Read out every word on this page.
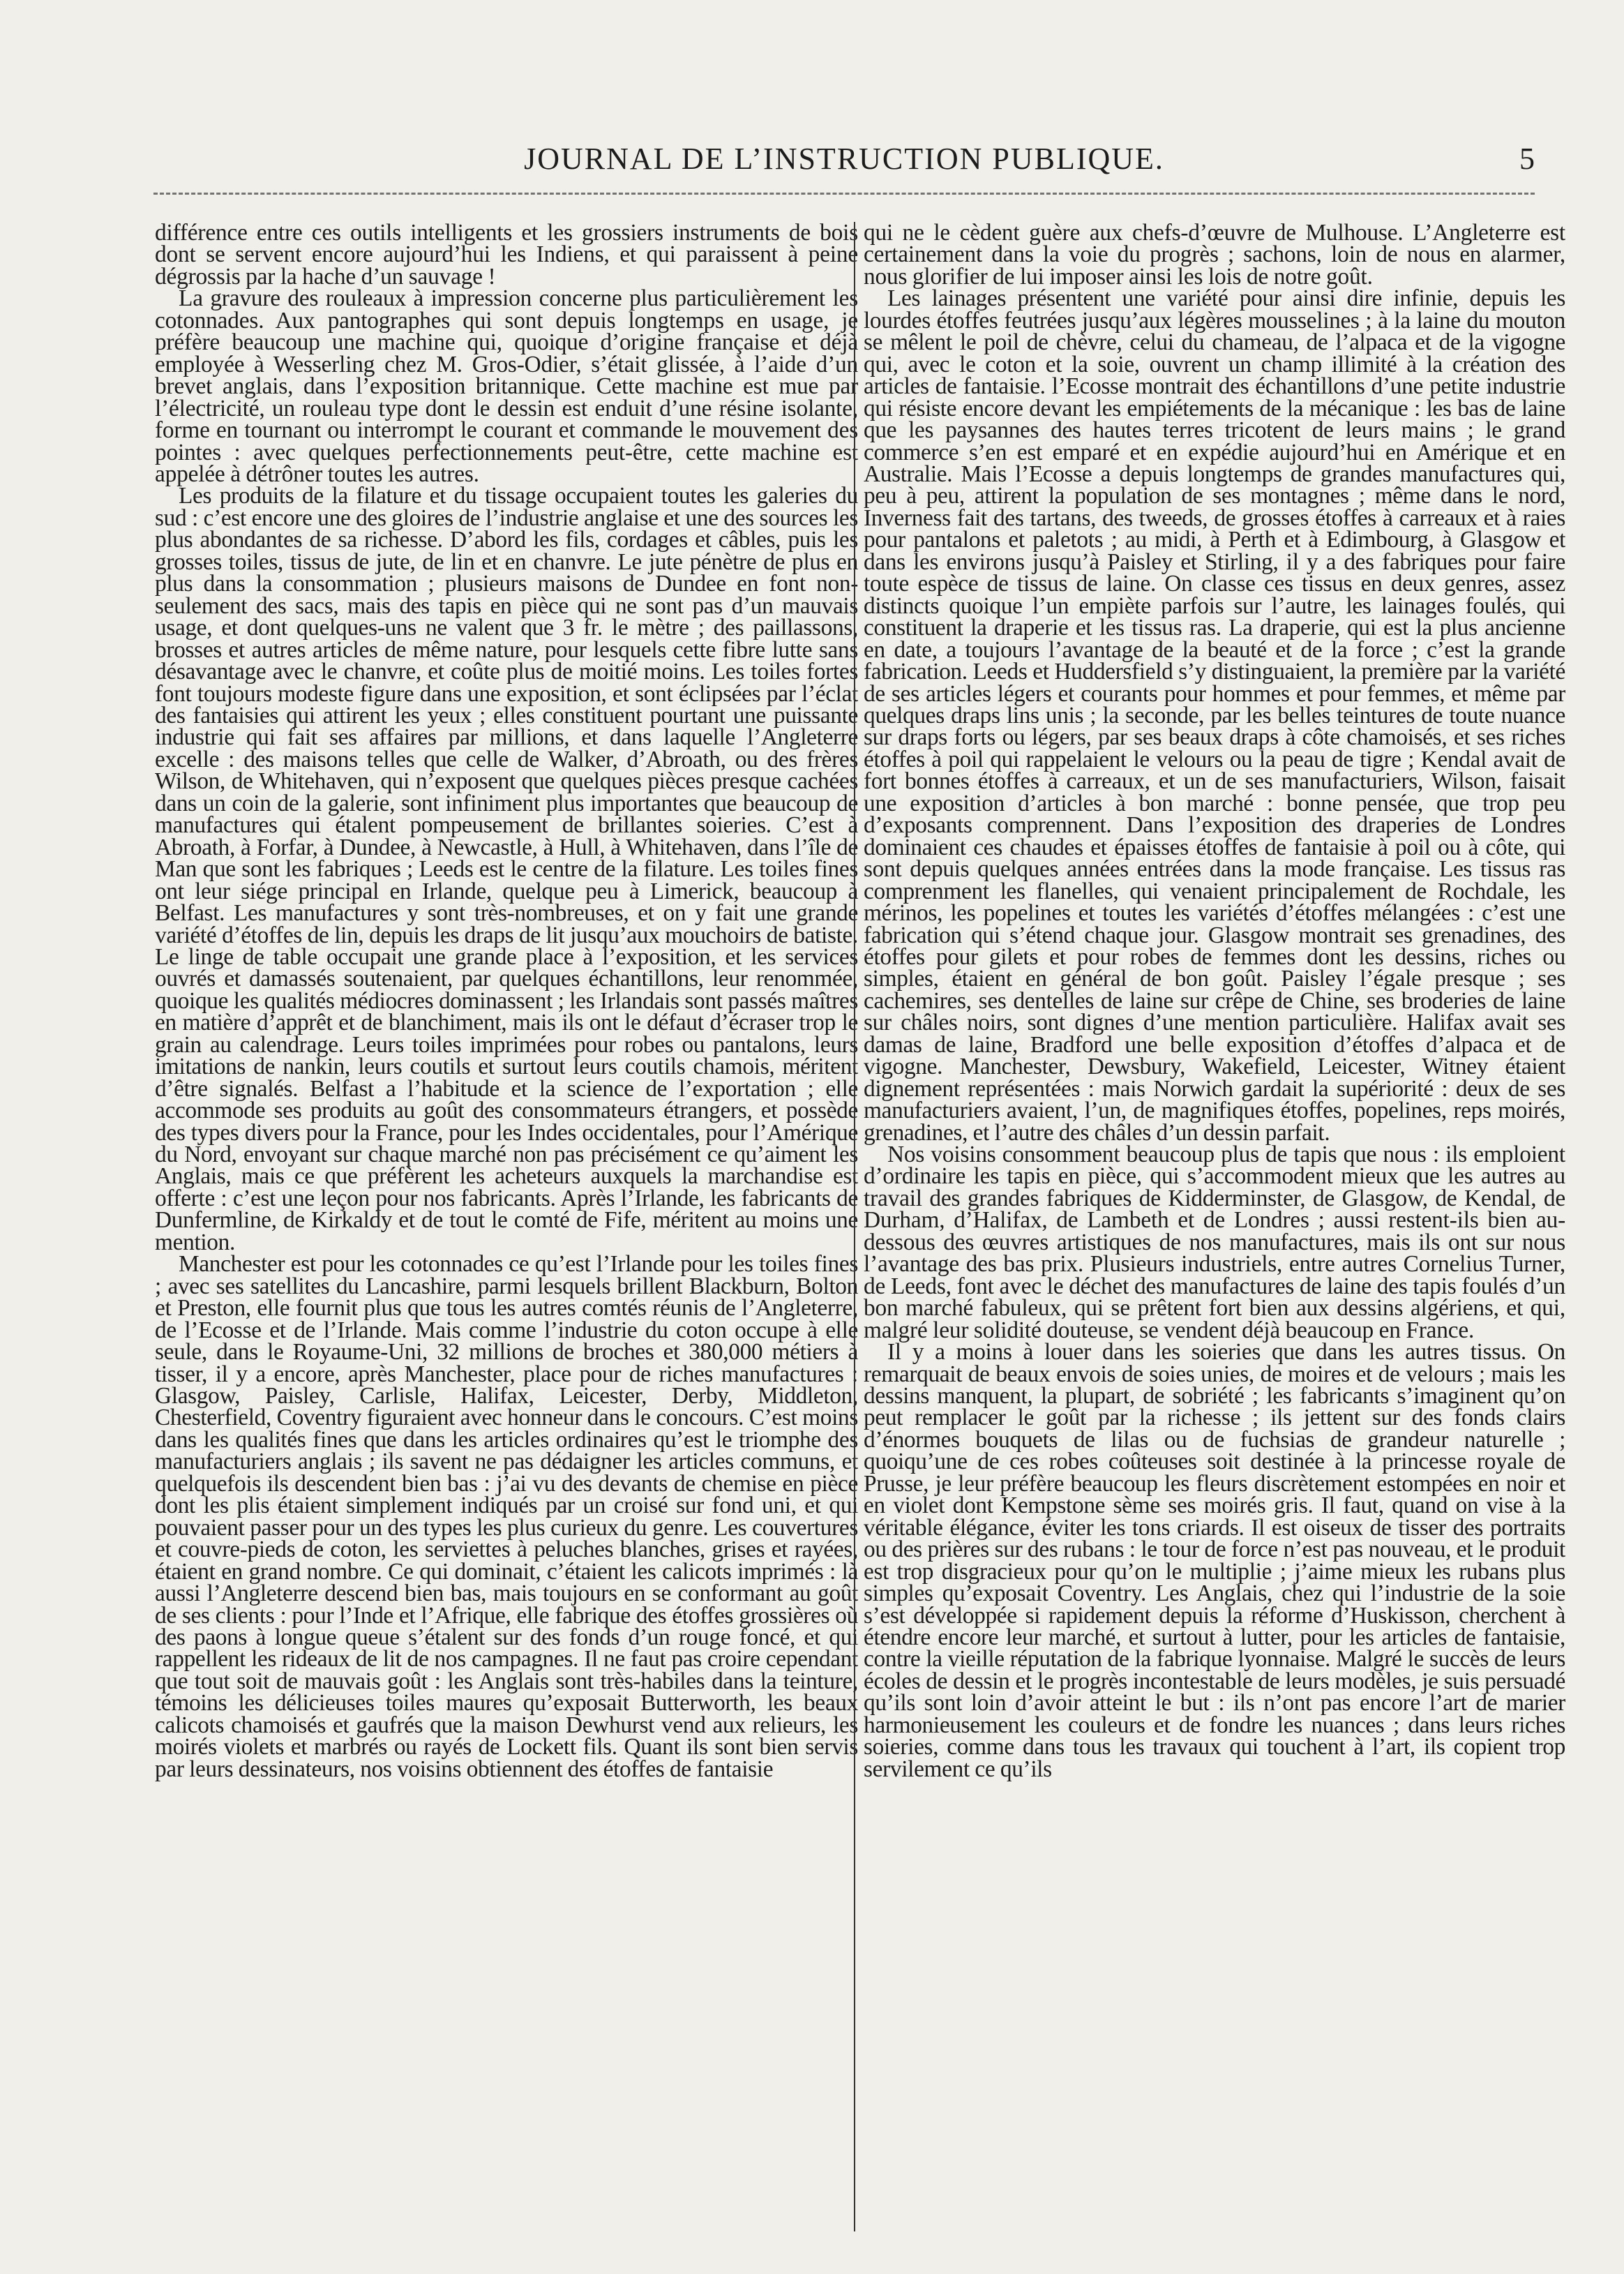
JOURNAL DE L’INSTRUCTION PUBLIQUE.	5

différence entre ces outils intelligents et les grossiers instruments de bois dont se servent encore aujourd’hui les Indiens, et qui paraissent à peine dégrossis par la hache d’un sauvage !

La gravure des rouleaux à impression concerne plus particulièrement les cotonnades. Aux pantographes qui sont depuis longtemps en usage, je préfère beaucoup une machine qui, quoique d’origine française et déjà employée à Wesserling chez M. Gros-Odier, s’était glissée, à l’aide d’un brevet anglais, dans l’exposition britannique. Cette machine est mue par l’électricité, un rouleau type dont le dessin est enduit d’une résine isolante, forme en tournant ou interrompt le courant et commande le mouvement des pointes : avec quelques perfectionnements peut-être, cette machine est appelée à détrôner toutes les autres.

Les produits de la filature et du tissage occupaient toutes les galeries du sud : c’est encore une des gloires de l’industrie anglaise et une des sources les plus abondantes de sa richesse. D’abord les fils, cordages et câbles, puis les grosses toiles, tissus de jute, de lin et en chanvre. Le jute pénètre de plus en plus dans la consommation ; plusieurs maisons de Dundee en font non-seulement des sacs, mais des tapis en pièce qui ne sont pas d’un mauvais usage, et dont quelques-uns ne valent que 3 fr. le mètre ; des paillassons, brosses et autres articles de même nature, pour lesquels cette fibre lutte sans désavantage avec le chanvre, et coûte plus de moitié moins. Les toiles fortes font toujours modeste figure dans une exposition, et sont éclipsées par l’éclat des fantaisies qui attirent les yeux ; elles constituent pourtant une puissante industrie qui fait ses affaires par millions, et dans laquelle l’Angleterre excelle : des maisons telles que celle de Walker, d’Abroath, ou des frères Wilson, de Whitehaven, qui n’exposent que quelques pièces presque cachées dans un coin de la galerie, sont infiniment plus importantes que beaucoup de manufactures qui étalent pompeusement de brillantes soieries. C’est à Abroath, à Forfar, à Dundee, à Newcastle, à Hull, à Whitehaven, dans l’île de Man que sont les fabriques ; Leeds est le centre de la filature. Les toiles fines ont leur siége principal en Irlande, quelque peu à Limerick, beaucoup à Belfast. Les manufactures y sont très-nombreuses, et on y fait une grande variété d’étoffes de lin, depuis les draps de lit jusqu’aux mouchoirs de batiste. Le linge de table occupait une grande place à l’exposition, et les services ouvrés et damassés soutenaient, par quelques échantillons, leur renommée, quoique les qualités médiocres dominassent ; les Irlandais sont passés maîtres en matière d’apprêt et de blanchiment, mais ils ont le défaut d’écraser trop le grain au calendrage. Leurs toiles imprimées pour robes ou pantalons, leurs imitations de nankin, leurs coutils et surtout leurs coutils chamois, méritent d’être signalés. Belfast a l’habitude et la science de l’exportation ; elle accommode ses produits au goût des consommateurs étrangers, et possède des types divers pour la France, pour les Indes occidentales, pour l’Amérique du Nord, envoyant sur chaque marché non pas précisément ce qu’aiment les Anglais, mais ce que préfèrent les acheteurs auxquels la marchandise est offerte : c’est une leçon pour nos fabricants. Après l’Irlande, les fabricants de Dunfermline, de Kirkaldy et de tout le comté de Fife, méritent au moins une mention.

Manchester est pour les cotonnades ce qu’est l’Irlande pour les toiles fines ; avec ses satellites du Lancashire, parmi lesquels brillent Blackburn, Bolton et Preston, elle fournit plus que tous les autres comtés réunis de l’Angleterre, de l’Ecosse et de l’Irlande. Mais comme l’industrie du coton occupe à elle seule, dans le Royaume-Uni, 32 millions de broches et 380,000 métiers à tisser, il y a encore, après Manchester, place pour de riches manufactures : Glasgow, Paisley, Carlisle, Halifax, Leicester, Derby, Middleton, Chesterfield, Coventry figuraient avec honneur dans le concours. C’est moins dans les qualités fines que dans les articles ordinaires qu’est le triomphe des manufacturiers anglais ; ils savent ne pas dédaigner les articles communs, et quelquefois ils descendent bien bas : j’ai vu des devants de chemise en pièce dont les plis étaient simplement indiqués par un croisé sur fond uni, et qui pouvaient passer pour un des types les plus curieux du genre. Les couvertures et couvre-pieds de coton, les serviettes à peluches blanches, grises et rayées, étaient en grand nombre. Ce qui dominait, c’étaient les calicots imprimés : là aussi l’Angleterre descend bien bas, mais toujours en se conformant au goût de ses clients : pour l’Inde et l’Afrique, elle fabrique des étoffes grossières où des paons à longue queue s’étalent sur des fonds d’un rouge foncé, et qui rappellent les rideaux de lit de nos campagnes. Il ne faut pas croire cependant que tout soit de mauvais goût : les Anglais sont très-habiles dans la teinture, témoins les délicieuses toiles maures qu’exposait Butterworth, les beaux calicots chamoisés et gaufrés que la maison Dewhurst vend aux relieurs, les moirés violets et marbrés ou rayés de Lockett fils. Quant ils sont bien servis par leurs dessinateurs, nos voisins obtiennent des étoffes de fantaisie

qui ne le cèdent guère aux chefs-d’œuvre de Mulhouse. L’Angleterre est certainement dans la voie du progrès ; sachons, loin de nous en alarmer, nous glorifier de lui imposer ainsi les lois de notre goût.

Les lainages présentent une variété pour ainsi dire infinie, depuis les lourdes étoffes feutrées jusqu’aux légères mousselines ; à la laine du mouton se mêlent le poil de chèvre, celui du chameau, de l’alpaca et de la vigogne qui, avec le coton et la soie, ouvrent un champ illimité à la création des articles de fantaisie. l’Ecosse montrait des échantillons d’une petite industrie qui résiste encore devant les empiétements de la mécanique : les bas de laine que les paysannes des hautes terres tricotent de leurs mains ; le grand commerce s’en est emparé et en expédie aujourd’hui en Amérique et en Australie. Mais l’Ecosse a depuis longtemps de grandes manufactures qui, peu à peu, attirent la population de ses montagnes ; même dans le nord, Inverness fait des tartans, des tweeds, de grosses étoffes à carreaux et à raies pour pantalons et paletots ; au midi, à Perth et à Edimbourg, à Glasgow et dans les environs jusqu’à Paisley et Stirling, il y a des fabriques pour faire toute espèce de tissus de laine. On classe ces tissus en deux genres, assez distincts quoique l’un empiète parfois sur l’autre, les lainages foulés, qui constituent la draperie et les tissus ras. La draperie, qui est la plus ancienne en date, a toujours l’avantage de la beauté et de la force ; c’est la grande fabrication. Leeds et Huddersfield s’y distinguaient, la première par la variété de ses articles légers et courants pour hommes et pour femmes, et même par quelques draps lins unis ; la seconde, par les belles teintures de toute nuance sur draps forts ou légers, par ses beaux draps à côte chamoisés, et ses riches étoffes à poil qui rappelaient le velours ou la peau de tigre ; Kendal avait de fort bonnes étoffes à carreaux, et un de ses manufacturiers, Wilson, faisait une exposition d’articles à bon marché : bonne pensée, que trop peu d’exposants comprennent. Dans l’exposition des draperies de Londres dominaient ces chaudes et épaisses étoffes de fantaisie à poil ou à côte, qui sont depuis quelques années entrées dans la mode française. Les tissus ras comprenment les flanelles, qui venaient principalement de Rochdale, les mérinos, les popelines et toutes les variétés d’étoffes mélangées : c’est une fabrication qui s’étend chaque jour. Glasgow montrait ses grenadines, des étoffes pour gilets et pour robes de femmes dont les dessins, riches ou simples, étaient en général de bon goût. Paisley l’égale presque ; ses cachemires, ses dentelles de laine sur crêpe de Chine, ses broderies de laine sur châles noirs, sont dignes d’une mention particulière. Halifax avait ses damas de laine, Bradford une belle exposition d’étoffes d’alpaca et de vigogne. Manchester, Dewsbury, Wakefield, Leicester, Witney étaient dignement représentées : mais Norwich gardait la supériorité : deux de ses manufacturiers avaient, l’un, de magnifiques étoffes, popelines, reps moirés, grenadines, et l’autre des châles d’un dessin parfait.

Nos voisins consomment beaucoup plus de tapis que nous : ils emploient d’ordinaire les tapis en pièce, qui s’accommodent mieux que les autres au travail des grandes fabriques de Kidderminster, de Glasgow, de Kendal, de Durham, d’Halifax, de Lambeth et de Londres ; aussi restent-ils bien au-dessous des œuvres artistiques de nos manufactures, mais ils ont sur nous l’avantage des bas prix. Plusieurs industriels, entre autres Cornelius Turner, de Leeds, font avec le déchet des manufactures de laine des tapis foulés d’un bon marché fabuleux, qui se prêtent fort bien aux dessins algériens, et qui, malgré leur solidité douteuse, se vendent déjà beaucoup en France.

Il y a moins à louer dans les soieries que dans les autres tissus. On remarquait de beaux envois de soies unies, de moires et de velours ; mais les dessins manquent, la plupart, de sobriété ; les fabricants s’imaginent qu’on peut remplacer le goût par la richesse ; ils jettent sur des fonds clairs d’énormes bouquets de lilas ou de fuchsias de grandeur naturelle ; quoiqu’une de ces robes coûteuses soit destinée à la princesse royale de Prusse, je leur préfère beaucoup les fleurs discrètement estompées en noir et en violet dont Kempstone sème ses moirés gris. Il faut, quand on vise à la véritable élégance, éviter les tons criards. Il est oiseux de tisser des portraits ou des prières sur des rubans : le tour de force n’est pas nouveau, et le produit est trop disgracieux pour qu’on le multiplie ; j’aime mieux les rubans plus simples qu’exposait Coventry. Les Anglais, chez qui l’industrie de la soie s’est développée si rapidement depuis la réforme d’Huskisson, cherchent à étendre encore leur marché, et surtout à lutter, pour les articles de fantaisie, contre la vieille réputation de la fabrique lyonnaise. Malgré le succès de leurs écoles de dessin et le progrès incontestable de leurs modèles, je suis persuadé qu’ils sont loin d’avoir atteint le but : ils n’ont pas encore l’art de marier harmonieusement les couleurs et de fondre les nuances ; dans leurs riches soieries, comme dans tous les travaux qui touchent à l’art, ils copient trop servilement ce qu’ils
